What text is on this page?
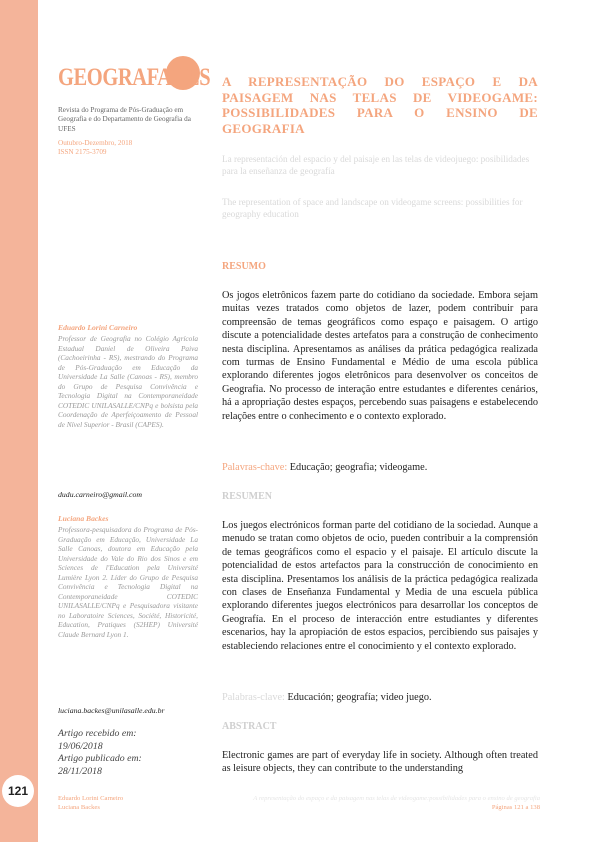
121
GEOGRAFARES
Revista do Programa de Pós-Graduação em Geografia e do Departamento de Geografia da UFES
Outubro-Dezembro, 2018
ISSN 2175-3709
A REPRESENTAÇÃO DO ESPAÇO E DA PAISAGEM NAS TELAS DE VIDEOGAME: POSSIBILIDADES PARA O ENSINO DE GEOGRAFIA
La representación del espacio y del paisaje en las telas de videojuego: posibilidades para la enseñanza de geografía
The representation of space and landscape on videogame screens: possibilities for geography education
RESUMO

Os jogos eletrônicos fazem parte do cotidiano da sociedade. Embora sejam muitas vezes tratados como objetos de lazer, podem contribuir para compreensão de temas geográficos como espaço e paisagem. O artigo discute a potencialidade destes artefatos para a construção de conhecimento nesta disciplina. Apresentamos as análises da prática pedagógica realizada com turmas de Ensino Fundamental e Médio de uma escola pública explorando diferentes jogos eletrônicos para desenvolver os conceitos de Geografia. No processo de interação entre estudantes e diferentes cenários, há a apropriação destes espaços, percebendo suas paisagens e estabelecendo relações entre o conhecimento e o contexto explorado.

Palavras-chave: Educação; geografia; videogame.
RESUMEN

Los juegos electrónicos forman parte del cotidiano de la sociedad. Aunque a menudo se tratan como objetos de ocio, pueden contribuir a la comprensión de temas geográficos como el espacio y el paisaje. El artículo discute la potencialidad de estos artefactos para la construcción de conocimiento en esta disciplina. Presentamos los análisis de la práctica pedagógica realizada con clases de Enseñanza Fundamental y Media de una escuela pública explorando diferentes juegos electrónicos para desarrollar los conceptos de Geografía. En el proceso de interacción entre estudiantes y diferentes escenarios, hay la apropiación de estos espacios, percibiendo sus paisajes y estableciendo relaciones entre el conocimiento y el contexto explorado.

Palabras-clave: Educación; geografía; video juego.
ABSTRACT

Electronic games are part of everyday life in society. Although often treated as leisure objects, they can contribute to the understanding

Eduardo Lorini Carneiro
Professor de Geografia no Colégio Agrícola Estadual Daniel de Oliveira Paiva (Cachoeirinha - RS), mestrando do Programa de Pós-Graduação em Educação da Universidade La Salle (Canoas - RS), membro do Grupo de Pesquisa Convivência e Tecnologia Digital na Contemporaneidade COTEDIC UNILASALLE/CNPq e bolsista pela Coordenação de Aperfeiçoamento de Pessoal de Nível Superior - Brasil (CAPES).
dudu.carneiro@gmail.com
Luciana Backes
Professora-pesquisadora do Programa de Pós-Graduação em Educação, Universidade La Salle Canoas, doutora em Educação pela Universidade do Vale do Rio dos Sinos e em Sciences de l'Education pela Université Lumière Lyon 2. Líder do Grupo de Pesquisa Convivência e Tecnologia Digital na Contemporaneidade COTEDIC UNILASALLE/CNPq e Pesquisadora visitante no Laboratoire Sciences, Société, Historicité, Education, Pratiques (S2HEP) Université Claude Bernard Lyon 1.
luciana.backes@unilasalle.edu.br
Artigo recebido em:
19/06/2018
Artigo publicado em:
28/11/2018
Eduardo Lorini Carneiro
Luciana Backes
A representação do espaço e da paisagem nas telas de videogame:possibilidades para o ensino de geografia
Páginas 121 a 138
